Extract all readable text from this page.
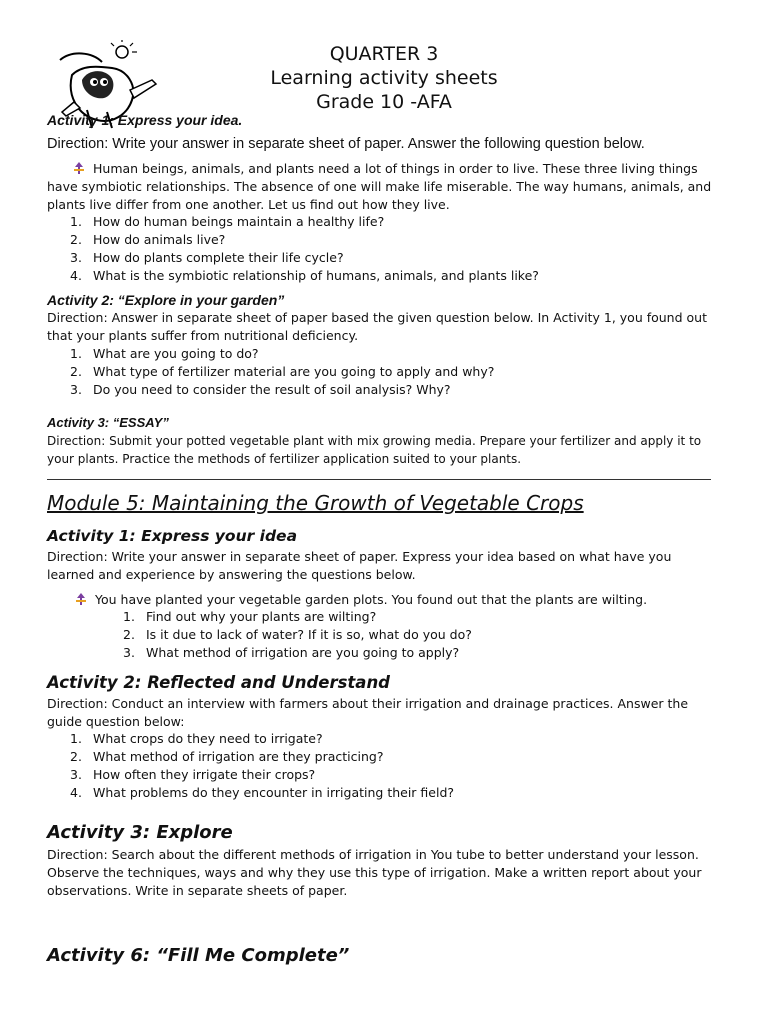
QUARTER 3
Learning activity sheets
Grade 10 -AFA
Activity 1: Express your idea.
Direction: Write your answer in separate sheet of paper. Answer the following question below.
Human beings, animals, and plants need a lot of things in order to live. These three living things have symbiotic relationships. The absence of one will make life miserable. The way humans, animals, and plants live differ from one another. Let us find out how they live.
1. How do human beings maintain a healthy life?
2. How do animals live?
3. How do plants complete their life cycle?
4. What is the symbiotic relationship of humans, animals, and plants like?
Activity 2: “Explore in your garden”
Direction: Answer in separate sheet of paper based the given question below. In Activity 1, you found out that your plants suffer from nutritional deficiency.
1. What are you going to do?
2. What type of fertilizer material are you going to apply and why?
3. Do you need to consider the result of soil analysis? Why?
Activity 3: “ESSAY”
Direction: Submit your potted vegetable plant with mix growing media. Prepare your fertilizer and apply it to your plants. Practice the methods of fertilizer application suited to your plants.
Module 5: Maintaining the Growth of Vegetable Crops
Activity 1: Express your idea
Direction: Write your answer in separate sheet of paper. Express your idea based on what have you learned and experience by answering the questions below.
You have planted your vegetable garden plots. You found out that the plants are wilting.
1. Find out why your plants are wilting?
2. Is it due to lack of water? If it is so, what do you do?
3. What method of irrigation are you going to apply?
Activity 2: Reflected and Understand
Direction: Conduct an interview with farmers about their irrigation and drainage practices. Answer the guide question below:
1. What crops do they need to irrigate?
2. What method of irrigation are they practicing?
3. How often they irrigate their crops?
4. What problems do they encounter in irrigating their field?
Activity 3: Explore
Direction: Search about the different methods of irrigation in You tube to better understand your lesson. Observe the techniques, ways and why they use this type of irrigation. Make a written report about your observations. Write in separate sheets of paper.
Activity 6: “Fill Me Complete”
